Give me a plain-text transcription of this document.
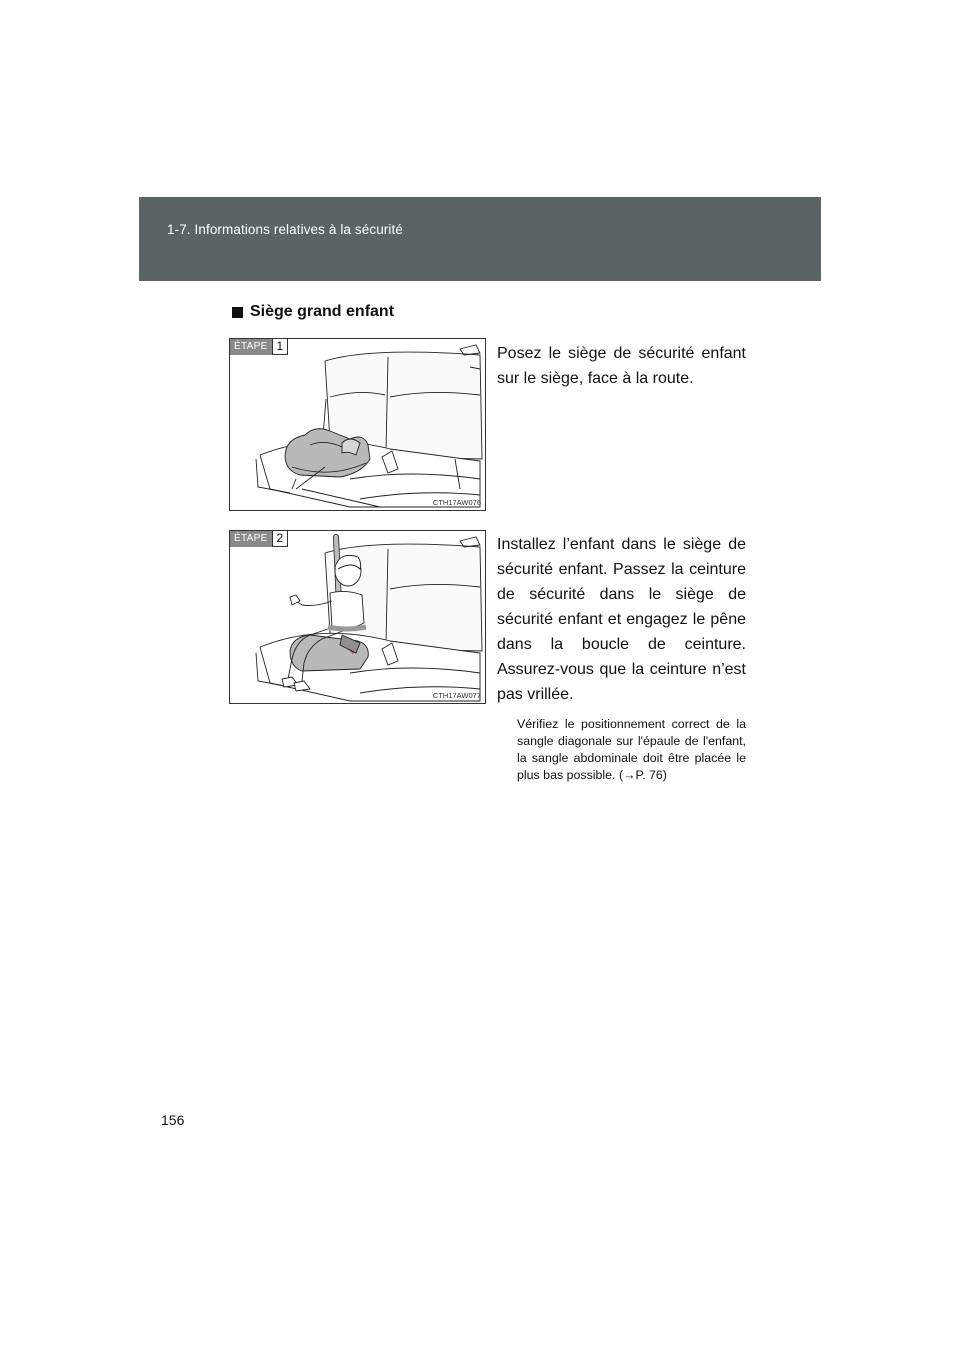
1-7. Informations relatives à la sécurité
Siège grand enfant
ÉTAPE 1
CTH17AW076
Posez le siège de sécurité enfant sur le siège, face à la route.
ÉTAPE 2
CTH17AW077
Installez l’enfant dans le siège de sécurité enfant. Passez la ceinture de sécurité dans le siège de sécurité enfant et engagez le pêne dans la boucle de ceinture. Assurez-vous que la ceinture n’est pas vrillée.
Vérifiez le positionnement correct de la sangle diagonale sur l'épaule de l'enfant, la sangle abdominale doit être placée le plus bas possible. (→P. 76)
156
